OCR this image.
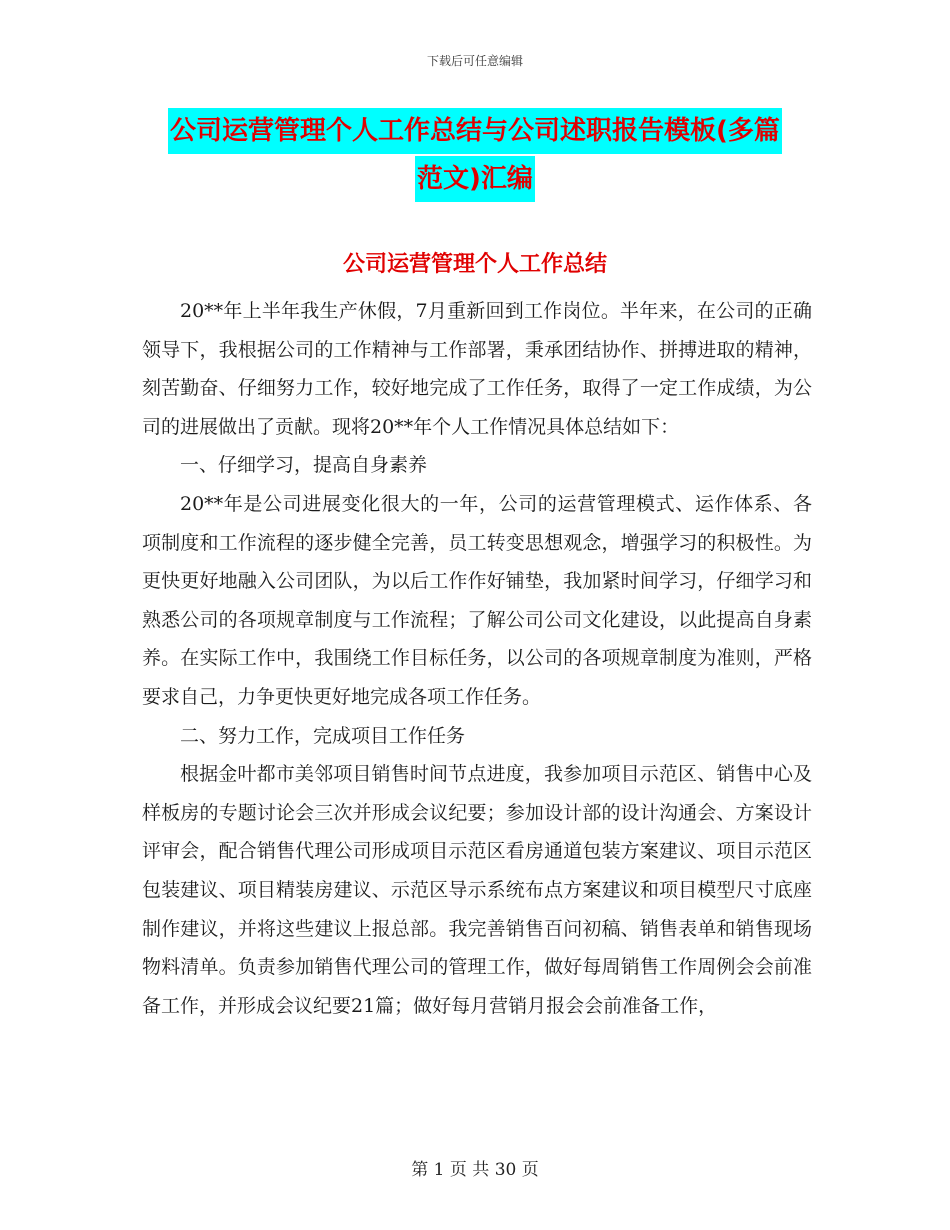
下载后可任意编辑
公司运营管理个人工作总结与公司述职报告模板(多篇
范文)汇编
公司运营管理个人工作总结

20**年上半年我生产休假，7月重新回到工作岗位。半年来，在公司的正确领导下，我根据公司的工作精神与工作部署，秉承团结协作、拼搏进取的精神，刻苦勤奋、仔细努力工作，较好地完成了工作任务，取得了一定工作成绩，为公司的进展做出了贡献。现将20**年个人工作情况具体总结如下：

一、仔细学习，提高自身素养

20**年是公司进展变化很大的一年，公司的运营管理模式、运作体系、各项制度和工作流程的逐步健全完善，员工转变思想观念，增强学习的积极性。为更快更好地融入公司团队，为以后工作作好铺垫，我加紧时间学习，仔细学习和熟悉公司的各项规章制度与工作流程；了解公司公司文化建设，以此提高自身素养。在实际工作中，我围绕工作目标任务，以公司的各项规章制度为准则，严格要求自己，力争更快更好地完成各项工作任务。

二、努力工作，完成项目工作任务

根据金叶都市美邻项目销售时间节点进度，我参加项目示范区、销售中心及样板房的专题讨论会三次并形成会议纪要；参加设计部的设计沟通会、方案设计评审会，配合销售代理公司形成项目示范区看房通道包装方案建议、项目示范区包装建议、项目精装房建议、示范区导示系统布点方案建议和项目模型尺寸底座制作建议，并将这些建议上报总部。我完善销售百问初稿、销售表单和销售现场物料清单。负责参加销售代理公司的管理工作，做好每周销售工作周例会会前准备工作，并形成会议纪要21篇；做好每月营销月报会会前准备工作，

第 1 页 共 30 页
